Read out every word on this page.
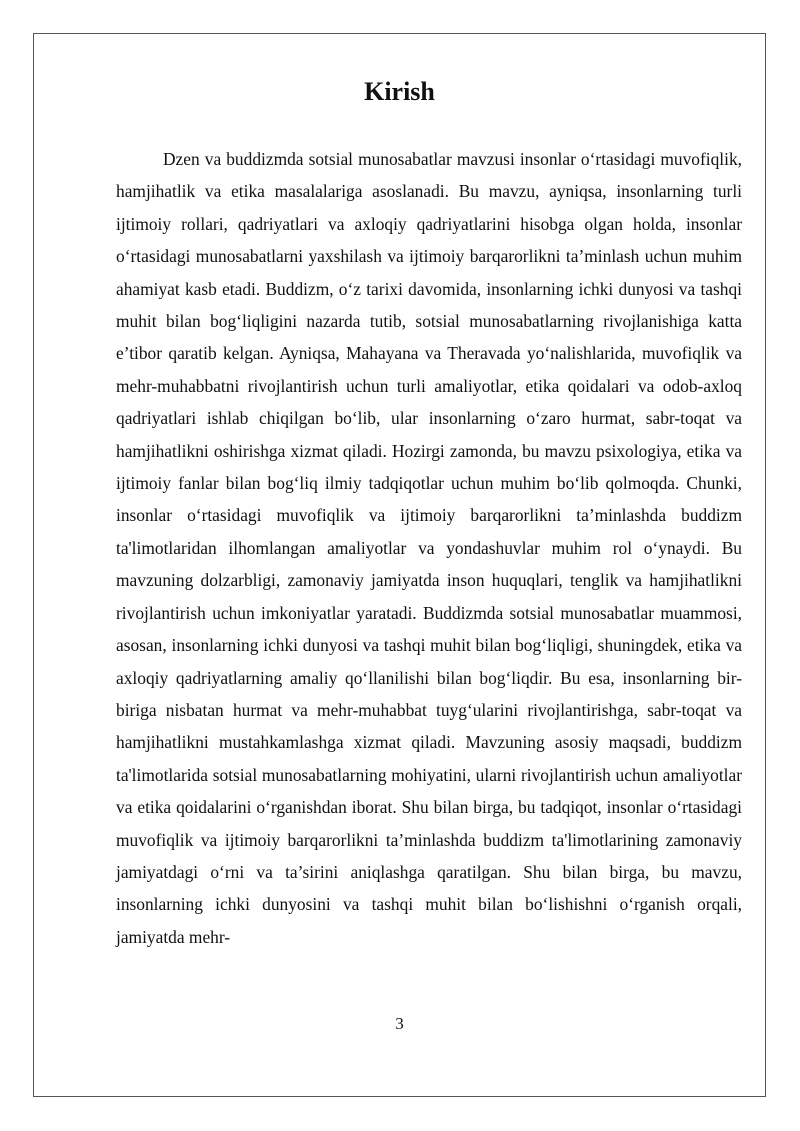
Kirish

Dzen va buddizmda sotsial munosabatlar mavzusi insonlar o‘rtasidagi muvofiqlik, hamjihatlik va etika masalalariga asoslanadi. Bu mavzu, ayniqsa, insonlarning turli ijtimoiy rollari, qadriyatlari va axloqiy qadriyatlarini hisobga olgan holda, insonlar o‘rtasidagi munosabatlarni yaxshilash va ijtimoiy barqarorlikni ta’minlash uchun muhim ahamiyat kasb etadi. Buddizm, o‘z tarixi davomida, insonlarning ichki dunyosi va tashqi muhit bilan bog‘liqligini nazarda tutib, sotsial munosabatlarning rivojlanishiga katta e’tibor qaratib kelgan. Ayniqsa, Mahayana va Theravada yo‘nalishlarida, muvofiqlik va mehr-muhabbatni rivojlantirish uchun turli amaliyotlar, etika qoidalari va odob-axloq qadriyatlari ishlab chiqilgan bo‘lib, ular insonlarning o‘zaro hurmat, sabr-toqat va hamjihatlikni oshirishga xizmat qiladi. Hozirgi zamonda, bu mavzu psixologiya, etika va ijtimoiy fanlar bilan bog‘liq ilmiy tadqiqotlar uchun muhim bo‘lib qolmoqda. Chunki, insonlar o‘rtasidagi muvofiqlik va ijtimoiy barqarorlikni ta’minlashda buddizm ta'limotlaridan ilhomlangan amaliyotlar va yondashuvlar muhim rol o‘ynaydi. Bu mavzuning dolzarbligi, zamonaviy jamiyatda inson huquqlari, tenglik va hamjihatlikni rivojlantirish uchun imkoniyatlar yaratadi. Buddizmda sotsial munosabatlar muammosi, asosan, insonlarning ichki dunyosi va tashqi muhit bilan bog‘liqligi, shuningdek, etika va axloqiy qadriyatlarning amaliy qo‘llanilishi bilan bog‘liqdir. Bu esa, insonlarning bir-biriga nisbatan hurmat va mehr-muhabbat tuyg‘ularini rivojlantirishga, sabr-toqat va hamjihatlikni mustahkamlashga xizmat qiladi. Mavzuning asosiy maqsadi, buddizm ta'limotlarida sotsial munosabatlarning mohiyatini, ularni rivojlantirish uchun amaliyotlar va etika qoidalarini o‘rganishdan iborat. Shu bilan birga, bu tadqiqot, insonlar o‘rtasidagi muvofiqlik va ijtimoiy barqarorlikni ta’minlashda buddizm ta'limotlarining zamonaviy jamiyatdagi o‘rni va ta’sirini aniqlashga qaratilgan. Shu bilan birga, bu mavzu, insonlarning ichki dunyosini va tashqi muhit bilan bo‘lishishni o‘rganish orqali, jamiyatda mehr-

3
